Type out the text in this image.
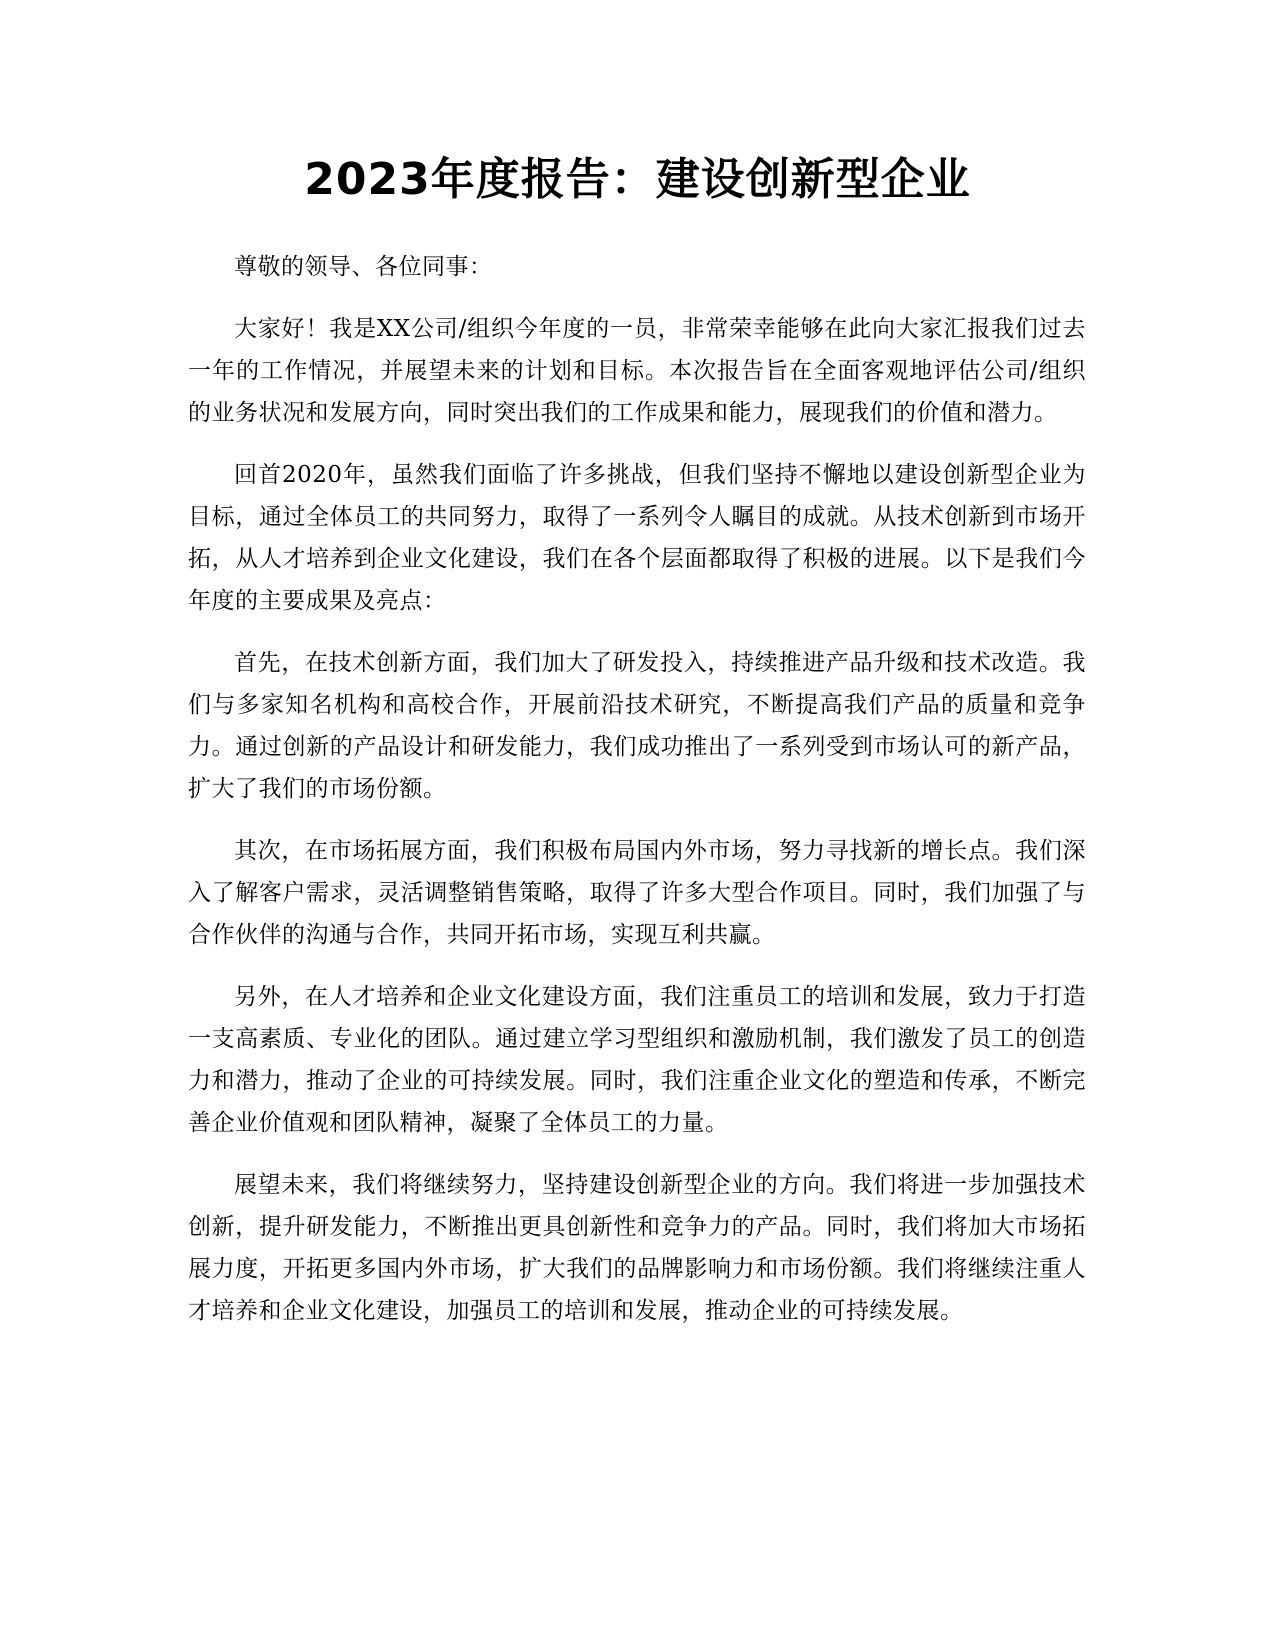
2023年度报告：建设创新型企业

尊敬的领导、各位同事：

大家好！我是XX公司/组织今年度的一员，非常荣幸能够在此向大家汇报我们过去一年的工作情况，并展望未来的计划和目标。本次报告旨在全面客观地评估公司/组织的业务状况和发展方向，同时突出我们的工作成果和能力，展现我们的价值和潜力。

回首2020年，虽然我们面临了许多挑战，但我们坚持不懈地以建设创新型企业为目标，通过全体员工的共同努力，取得了一系列令人瞩目的成就。从技术创新到市场开拓，从人才培养到企业文化建设，我们在各个层面都取得了积极的进展。以下是我们今年度的主要成果及亮点：

首先，在技术创新方面，我们加大了研发投入，持续推进产品升级和技术改造。我们与多家知名机构和高校合作，开展前沿技术研究，不断提高我们产品的质量和竞争力。通过创新的产品设计和研发能力，我们成功推出了一系列受到市场认可的新产品，扩大了我们的市场份额。

其次，在市场拓展方面，我们积极布局国内外市场，努力寻找新的增长点。我们深入了解客户需求，灵活调整销售策略，取得了许多大型合作项目。同时，我们加强了与合作伙伴的沟通与合作，共同开拓市场，实现互利共赢。

另外，在人才培养和企业文化建设方面，我们注重员工的培训和发展，致力于打造一支高素质、专业化的团队。通过建立学习型组织和激励机制，我们激发了员工的创造力和潜力，推动了企业的可持续发展。同时，我们注重企业文化的塑造和传承，不断完善企业价值观和团队精神，凝聚了全体员工的力量。

展望未来，我们将继续努力，坚持建设创新型企业的方向。我们将进一步加强技术创新，提升研发能力，不断推出更具创新性和竞争力的产品。同时，我们将加大市场拓展力度，开拓更多国内外市场，扩大我们的品牌影响力和市场份额。我们将继续注重人才培养和企业文化建设，加强员工的培训和发展，推动企业的可持续发展。
